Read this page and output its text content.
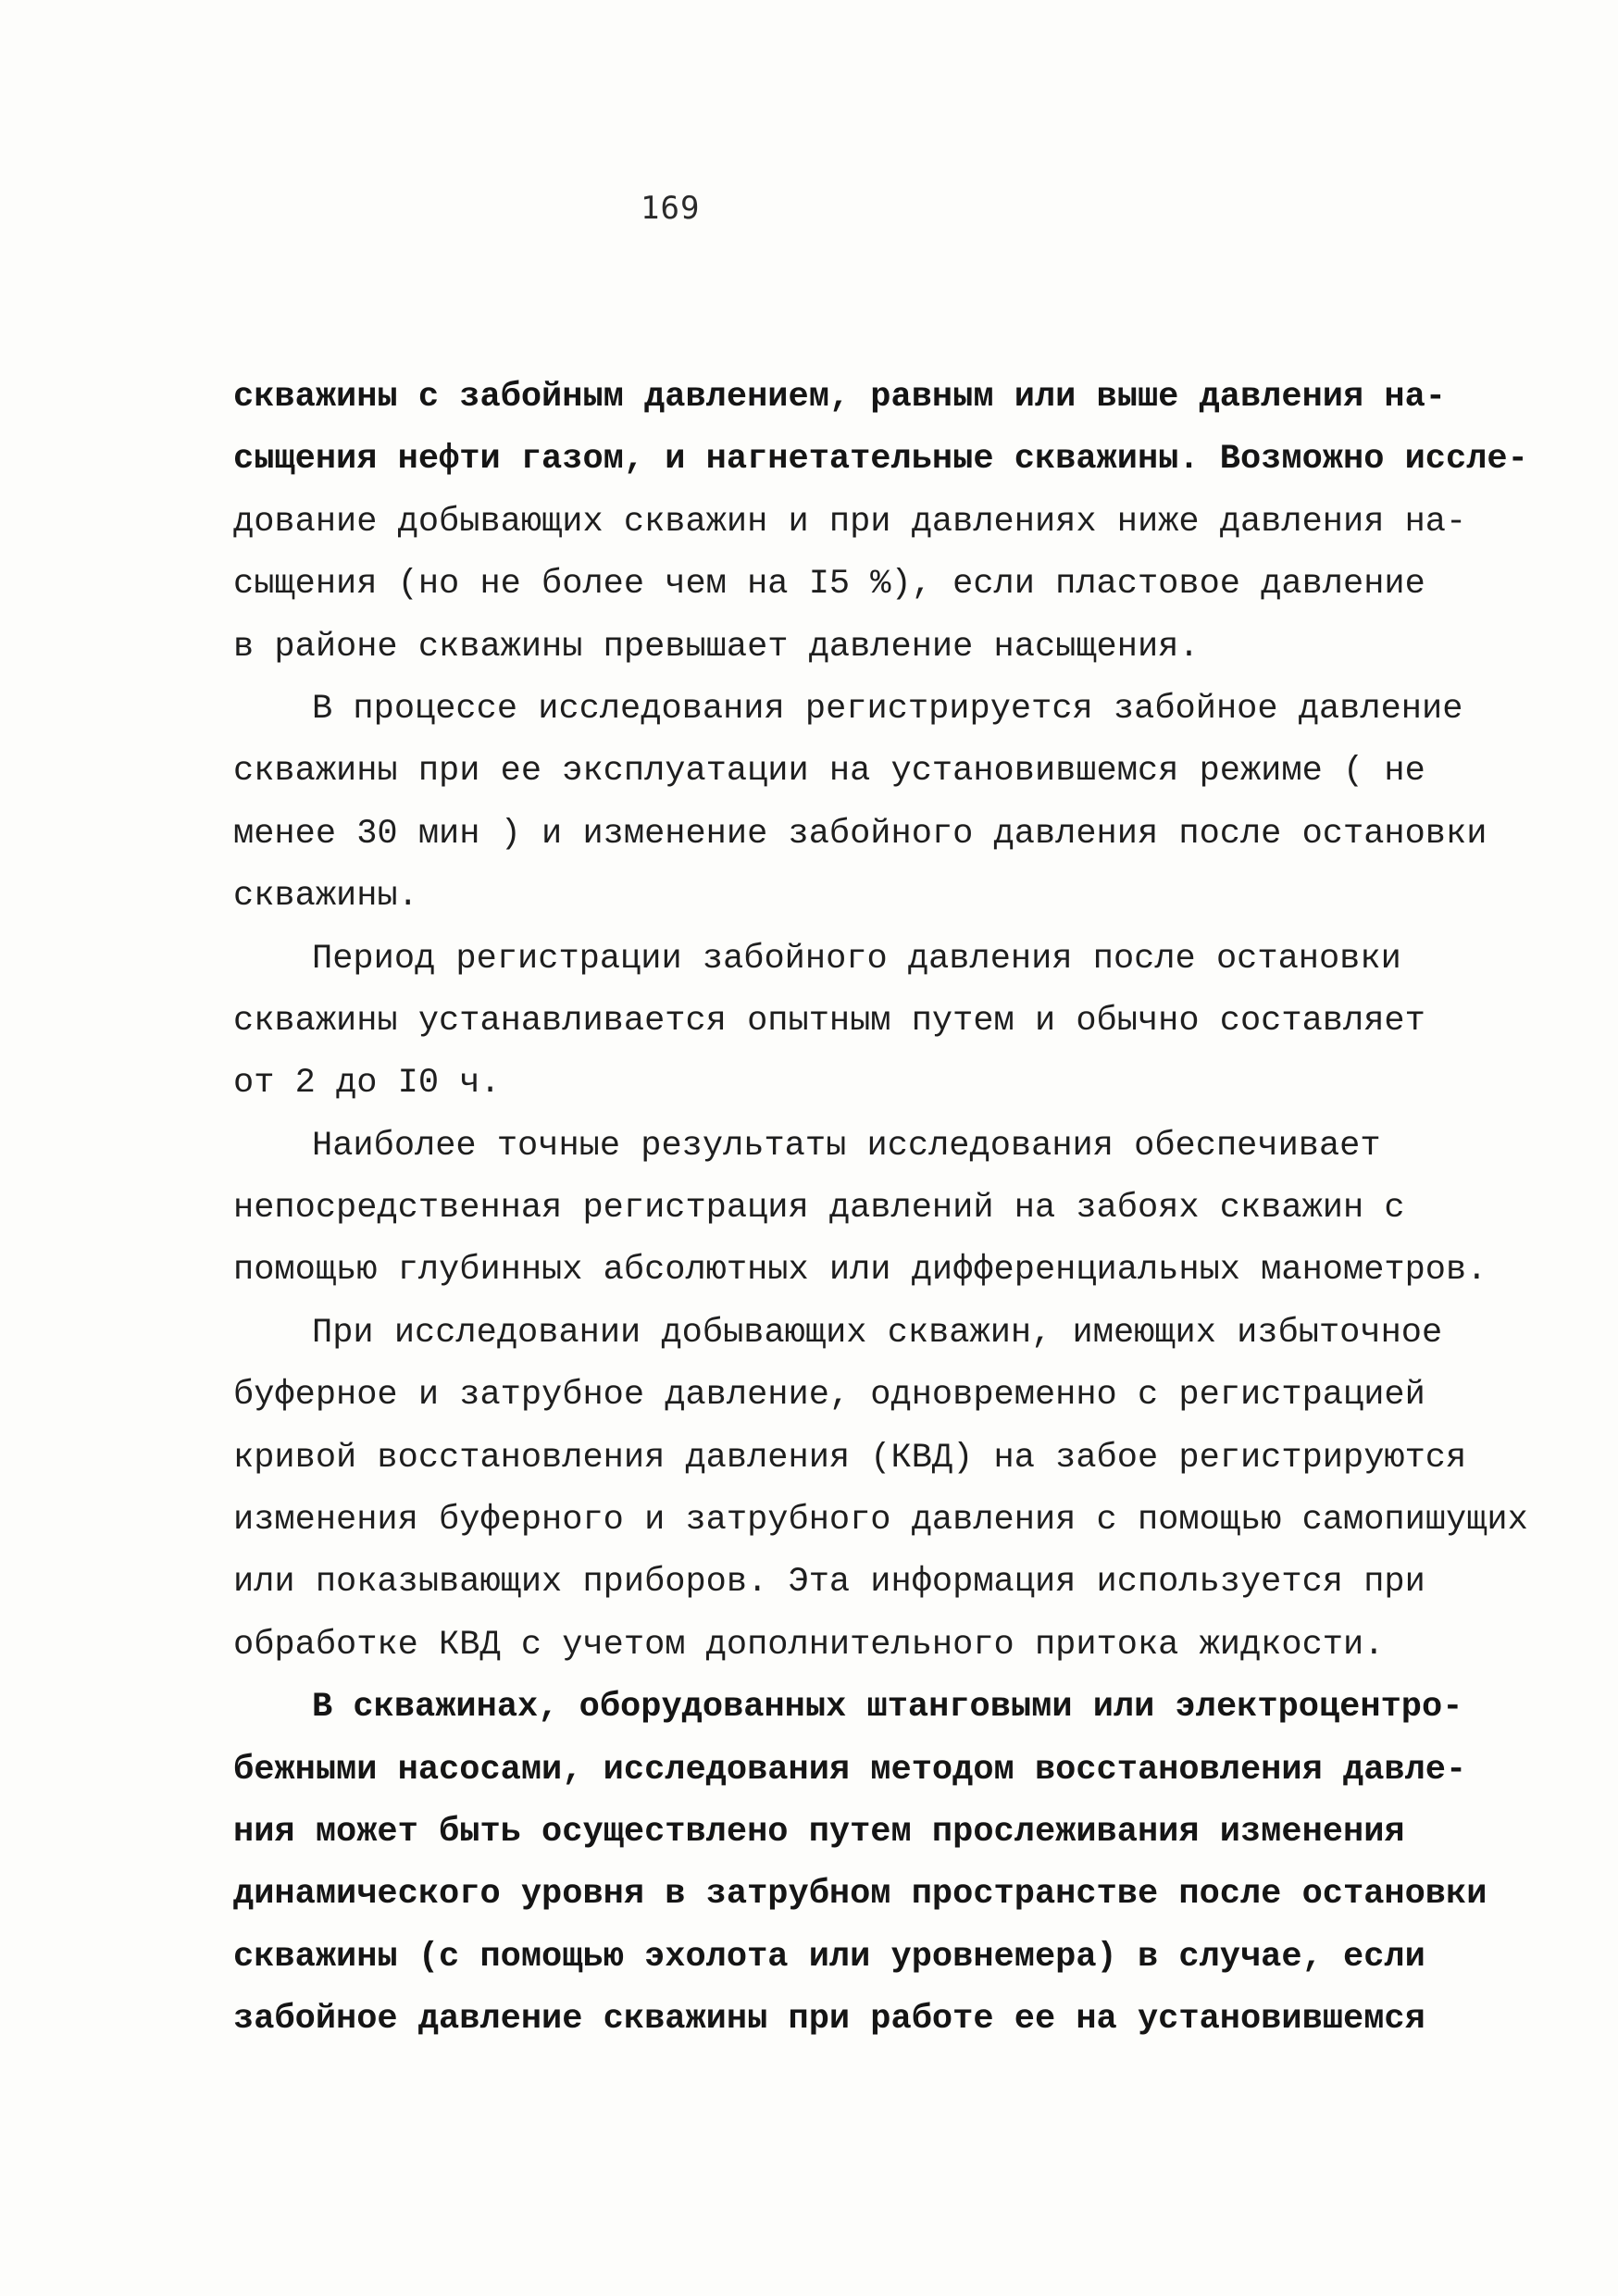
169
скважины с забойным давлением, равным или выше давления на-
сыщения нефти газом, и нагнетательные скважины. Возможно иссле-
дование добывающих скважин и при давлениях ниже давления на-
сыщения (но не более чем на I5 %), если пластовое давление
в районе скважины превышает давление насыщения.
В процессе исследования регистрируется забойное давление
скважины при ее эксплуатации на установившемся режиме ( не
менее 30 мин ) и изменение забойного давления после остановки
скважины.
Период регистрации забойного давления после остановки
скважины устанавливается опытным путем и обычно составляет
от 2 до I0 ч.
Наиболее точные результаты исследования обеспечивает
непосредственная регистрация давлений на забоях скважин с
помощью глубинных абсолютных или дифференциальных манометров.
При исследовании добывающих скважин, имеющих избыточное
буферное и затрубное давление, одновременно с регистрацией
кривой восстановления давления (КВД) на забое регистрируются
изменения буферного и затрубного давления с помощью самопишущих
или показывающих приборов. Эта информация используется при
обработке КВД с учетом дополнительного притока жидкости.
В скважинах, оборудованных штанговыми или электроцентро-
бежными насосами, исследования методом восстановления давле-
ния может быть осуществлено путем прослеживания изменения
динамического уровня в затрубном пространстве после остановки
скважины (с помощью эхолота или уровнемера) в случае, если
забойное давление скважины при работе ее на установившемся
